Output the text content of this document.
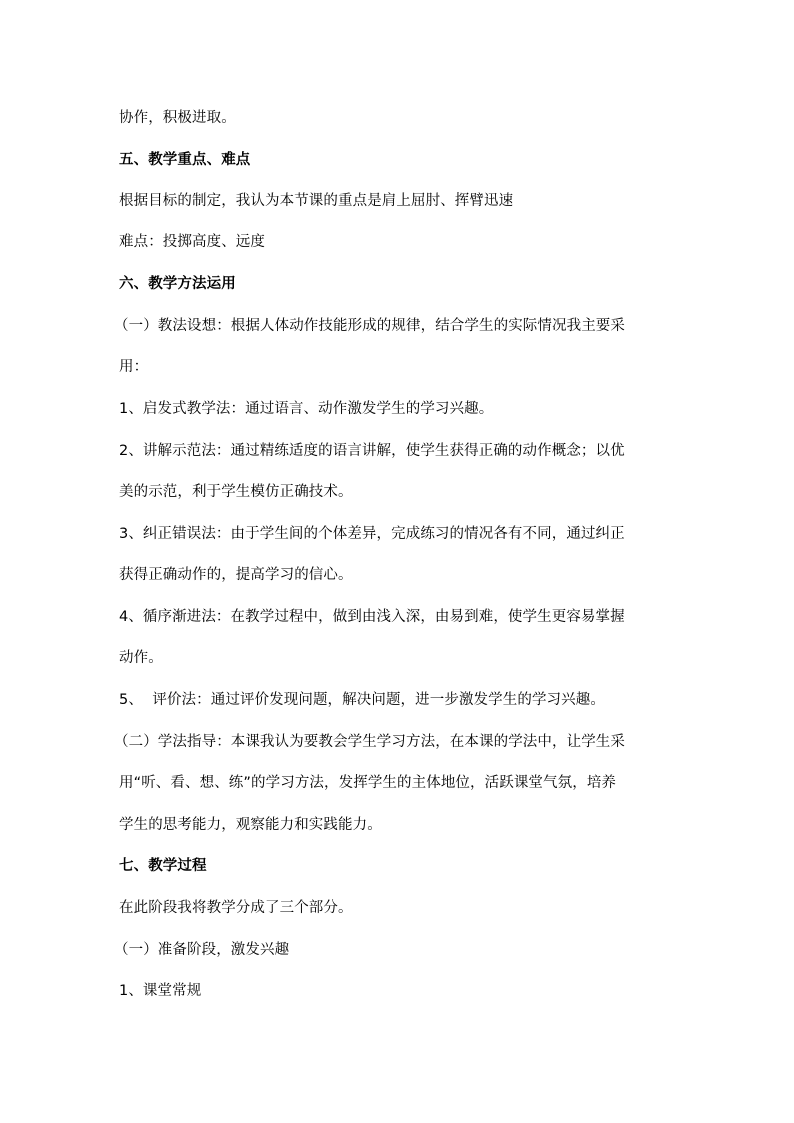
协作，积极进取。
五、教学重点、难点
根据目标的制定，我认为本节课的重点是肩上屈肘、挥臂迅速
难点：投掷高度、远度
六、教学方法运用
（一）教法设想：根据人体动作技能形成的规律，结合学生的实际情况我主要采
用：
1、启发式教学法：通过语言、动作激发学生的学习兴趣。
2、讲解示范法：通过精练适度的语言讲解，使学生获得正确的动作概念；以优
美的示范，利于学生模仿正确技术。
3、纠正错误法：由于学生间的个体差异，完成练习的情况各有不同，通过纠正
获得正确动作的，提高学习的信心。
4、循序渐进法：在教学过程中，做到由浅入深，由易到难，使学生更容易掌握
动作。
5、  评价法：通过评价发现问题，解决问题，进一步激发学生的学习兴趣。
（二）学法指导：本课我认为要教会学生学习方法，在本课的学法中，让学生采
用“听、看、想、练”的学习方法，发挥学生的主体地位，活跃课堂气氛，培养
学生的思考能力，观察能力和实践能力。
七、教学过程
在此阶段我将教学分成了三个部分。
（一）准备阶段，激发兴趣
1、课堂常规
